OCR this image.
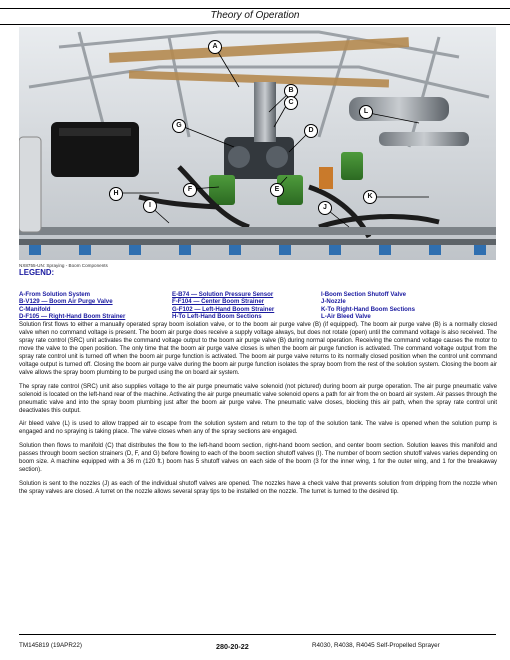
Theory of Operation
A
B
C
D
E
F
G
H
I	J
K
L
NX8755-UN: Spraying - Boom Components
LEGEND:
A-From Solution System
B-V129 — Boom Air Purge Valve
C-Manifold
D-F105 — Right-Hand Boom Strainer
E-B74 — Solution Pressure Sensor
F-F104 — Center Boom Strainer
G-F102 — Left-Hand Boom Strainer
H-To Left-Hand Boom Sections
I-Boom Section Shutoff Valve
J-Nozzle
K-To Right-Hand Boom Sections
L-Air Bleed Valve

Solution first flows to either a manually operated spray boom isolation valve, or to the boom air purge valve (B) (if equipped). The boom air purge valve (B) is a normally closed valve when no command voltage is present. The boom air purge does receive a supply voltage always, but does not rotate (open) until the command voltage is also received. The spray rate control (SRC) unit activates the command voltage output to the boom air purge valve (B) during normal operation. Receiving the command voltage causes the motor to move the valve to the open position. The only time that the boom air purge valve closes is when the boom air purge function is activated. The command voltage output from the spray rate control unit is turned off when the boom air purge function is activated. The boom air purge valve returns to its normally closed position when the control unit command voltage output is turned off. Closing the boom air purge valve during the boom air purge function isolates the spray boom from the rest of the solution system. Closing the boom air valve allows the spray boom plumbing to be purged using the on board air system.

The spray rate control (SRC) unit also supplies voltage to the air purge pneumatic valve solenoid (not pictured) during boom air purge operation. The air purge pneumatic valve solenoid is located on the left-hand rear of the machine. Activating the air purge pneumatic valve solenoid opens a path for air from the on board air system. Air passes through the pneumatic valve and into the spray boom plumbing just after the boom air purge valve. The pneumatic valve closes, blocking this air path, when the spray rate control unit deactivates this output.

Air bleed valve (L) is used to allow trapped air to escape from the solution system and return to the top of the solution tank. The valve is opened when the solution pump is engaged and no spraying is taking place. The valve closes when any of the spray sections are engaged.

Solution then flows to manifold (C) that distributes the flow to the left-hand boom section, right-hand boom section, and center boom section. Solution leaves this manifold and passes through boom section strainers (D, F, and G) before flowing to each of the boom section shutoff valves (I). The number of boom section shutoff valves varies depending on boom size. A machine equipped with a 36 m (120 ft.) boom has 5 shutoff valves on each side of the boom (3 for the inner wing, 1 for the outer wing, and 1 for the breakaway section).

Solution is sent to the nozzles (J) as each of the individual shutoff valves are opened. The nozzles have a check valve that prevents solution from dripping from the nozzle when the spray valves are closed. A turret on the nozzle allows several spray tips to be installed on the nozzle. The turret is turned to the desired tip.

TM145819 (19APR22)	280-20-22	R4030, R4038, R4045 Self-Propelled Sprayer
